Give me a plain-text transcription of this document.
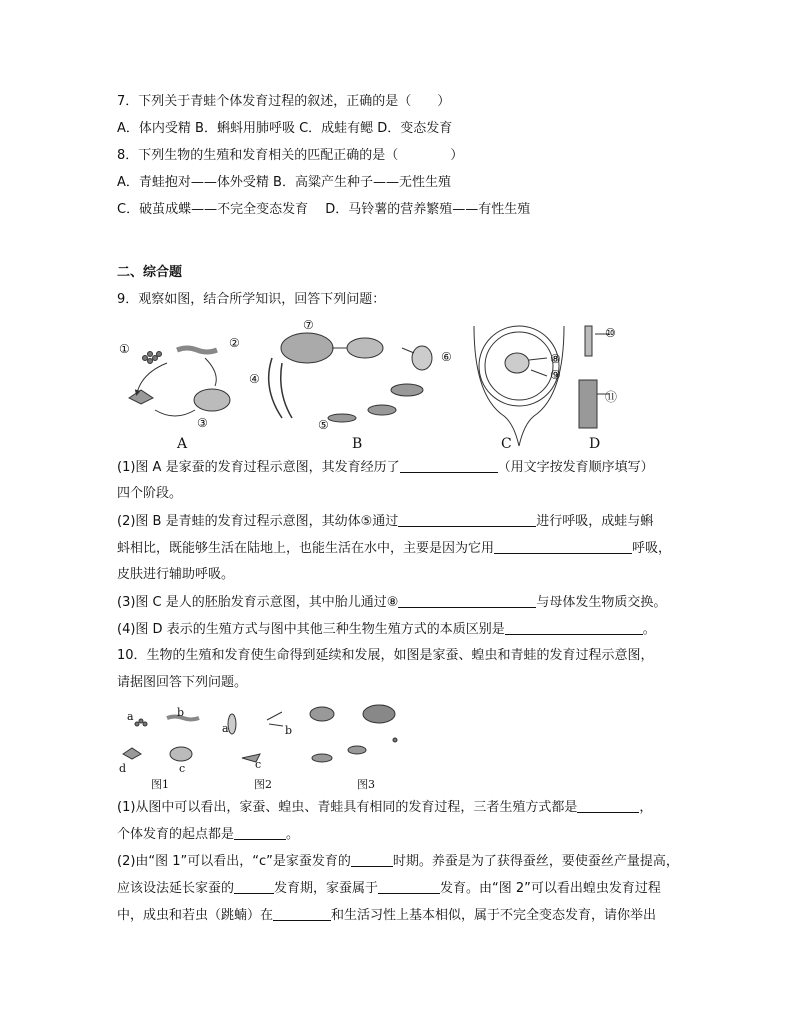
7．下列关于青蛙个体发育过程的叙述，正确的是（　　）
A．体内受精 B．蝌蚪用肺呼吸 C．成蛙有鳃 D．变态发育
8．下列生物的生殖和发育相关的匹配正确的是（　　　　）
A．青蛙抱对——体外受精 B．高粱产生种子——无性生殖
C．破茧成蝶——不完全变态发育　 D．马铃薯的营养繁殖——有性生殖
二、综合题
9．观察如图，结合所学知识，回答下列问题：
①	②
③
④
⑤
⑥
⑦
⑧
⑨
⑩
⑪
A	B	C	D
(1)图 A 是家蚕的发育过程示意图，其发育经历了	（用文字按发育顺序填写）
四个阶段。
(2)图 B 是青蛙的发育过程示意图，其幼体⑤通过	进行呼吸，成蛙与蝌
蚪相比，既能够生活在陆地上，也能生活在水中，主要是因为它用	呼吸，
皮肤进行辅助呼吸。
(3)图 C 是人的胚胎发育示意图，其中胎儿通过⑧	与母体发生物质交换。
(4)图 D 表示的生殖方式与图中其他三种生物生殖方式的本质区别是	。
10．生物的生殖和发育使生命得到延续和发展，如图是家蚕、蝗虫和青蛙的发育过程示意图，
请据图回答下列问题。
a	b
c
d
a	b
c
图1	图2	图3
(1)从图中可以看出，家蚕、蝗虫、青蛙具有相同的发育过程，三者生殖方式都是	，
个体发育的起点都是	。
(2)由“图 1”可以看出，“c”是家蚕发育的	时期。养蚕是为了获得蚕丝，要使蚕丝产量提高，
应该设法延长家蚕的	发育期，家蚕属于	发育。由“图 2”可以看出蝗虫发育过程
中，成虫和若虫（跳蝻）在	和生活习性上基本相似，属于不完全变态发育，请你举出
